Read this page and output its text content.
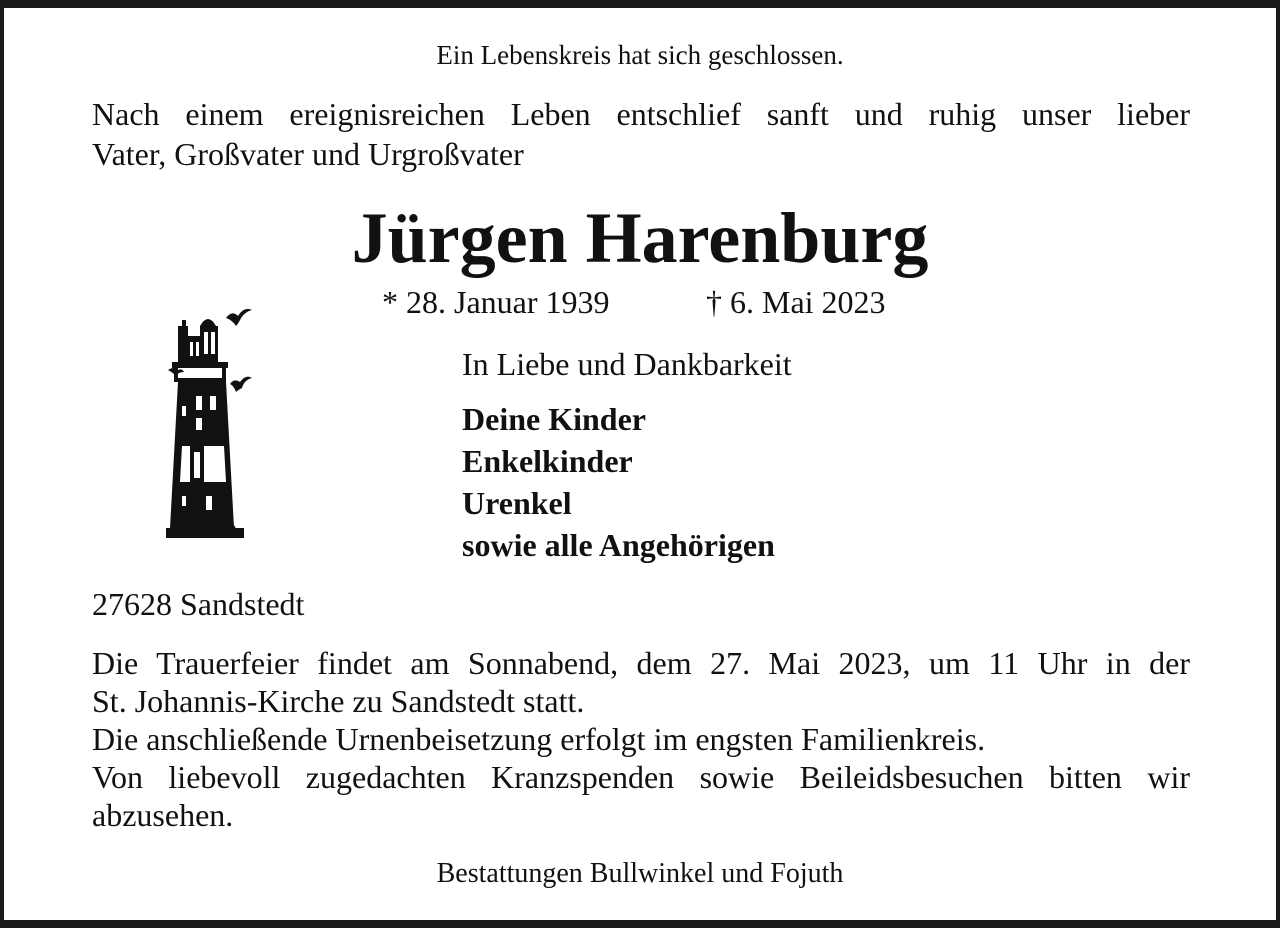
Ein Lebenskreis hat sich geschlossen.
Nach einem ereignisreichen Leben entschlief sanft und ruhig unser lieber
Vater, Großvater und Urgroßvater
Jürgen Harenburg
* 28. Januar 1939	† 6. Mai 2023
In Liebe und Dankbarkeit
Deine Kinder
Enkelkinder
Urenkel
sowie alle Angehörigen
27628 Sandstedt
Die Trauerfeier findet am Sonnabend, dem 27. Mai 2023, um 11 Uhr in der
St. Johannis-Kirche zu Sandstedt statt.
Die anschließende Urnenbeisetzung erfolgt im engsten Familienkreis.
Von liebevoll zugedachten Kranzspenden sowie Beileidsbesuchen bitten wir
abzusehen.
Bestattungen Bullwinkel und Fojuth
